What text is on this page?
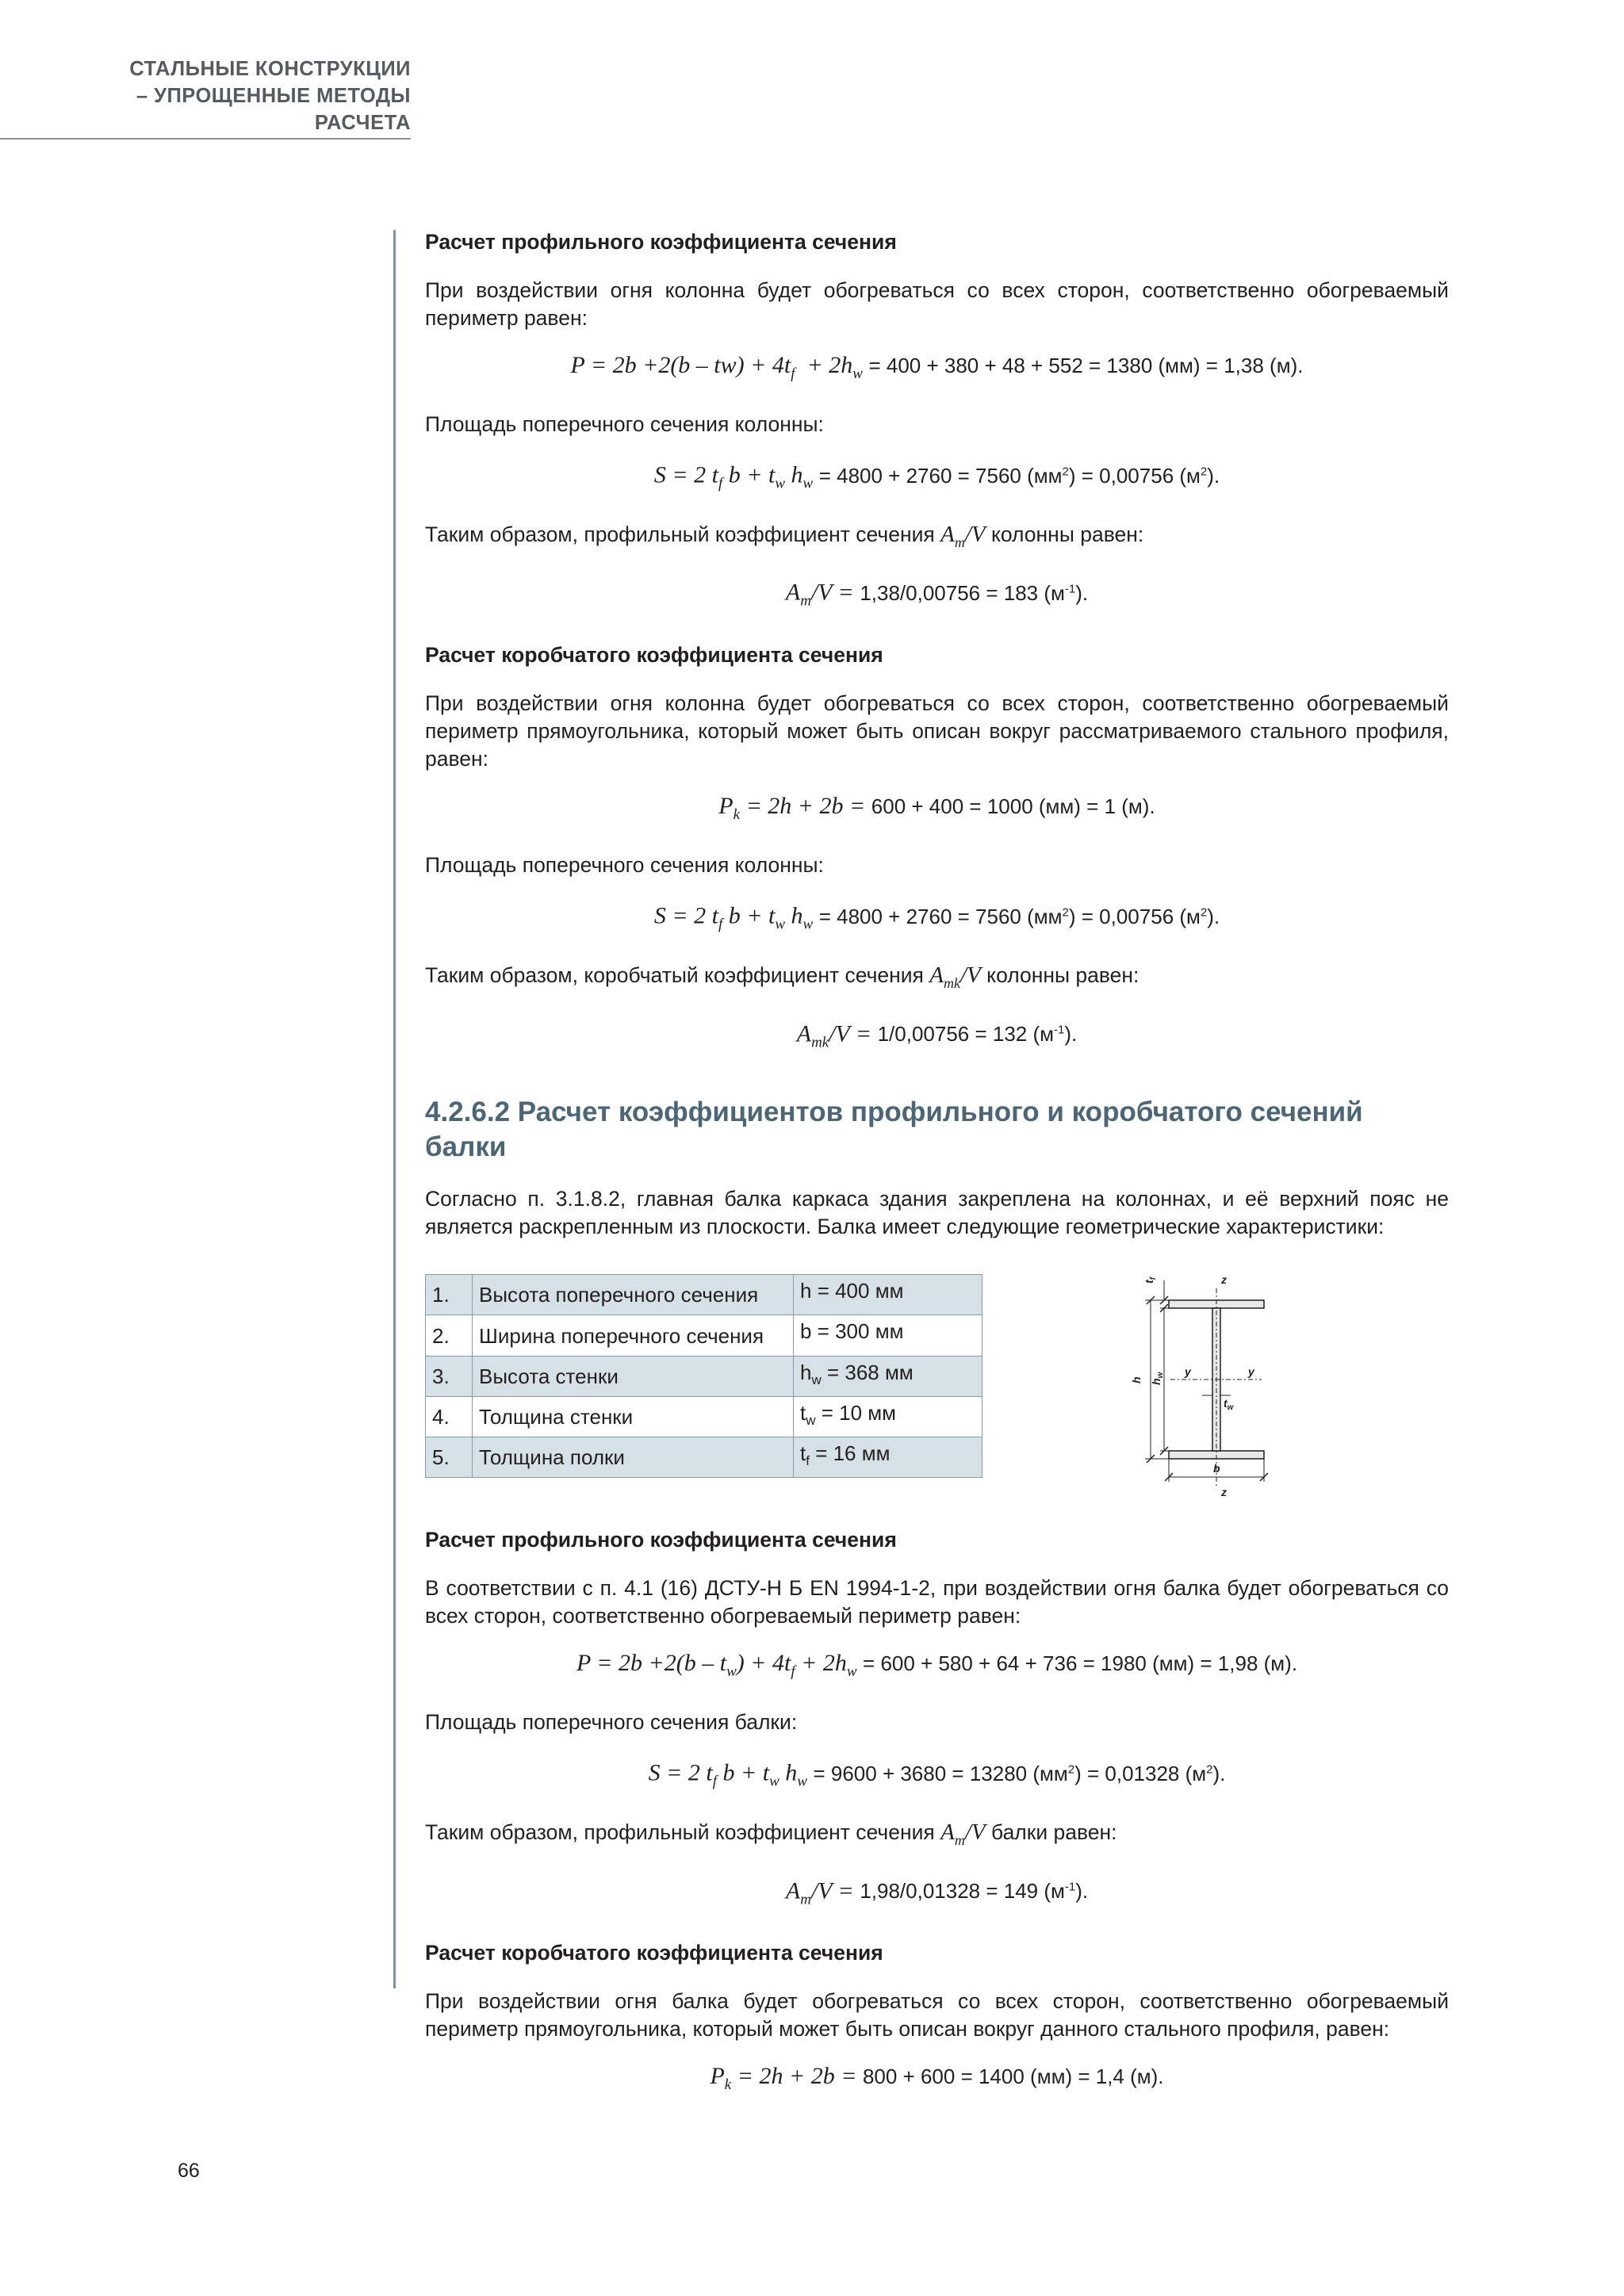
СТАЛЬНЫЕ КОНСТРУКЦИИ
– УПРОЩЕННЫЕ МЕТОДЫ
РАСЧЕТА

Расчет профильного коэффициента сечения

При воздействии огня колонна будет обогреваться со всех сторон, соответственно обогреваемый периметр равен:

$P = 2b +2(b - tw) + 4t_f + 2h_w = 400 + 380 + 48 + 552 = 1380$ (мм) = 1,38 (м).

Площадь поперечного сечения колонны:

S = 2 $t_f$ $b + t_w$ $h_w = 4800 + 2760 = 7560$ $(мм^2) = 0,00756$ $(м^2)$.

Таким образом, профильный коэффициент сечения $A_m/V$ колонны равен:

$A_m/V = 1,38/0,00756 = 183$ $(м^{-1})$.

Расчет коробчатого коэффициента сечения

При воздействии огня колонна будет обогреваться со всех сторон, соответственно обогреваемый периметр прямоугольника, который может быть описан вокруг рассматриваемого стального профиля, равен:

$P_k = 2h + 2b = 600 + 400 = 1000$ (мм) = 1 (м).

Площадь поперечного сечения колонны:

S = 2 $t_f$ $b + t_w$ $h_w = 4800 + 2760 = 7560$ $(мм^2) = 0,00756$ $(м^2)$.

Таким образом, коробчатый коэффициент сечения $A_{mk}/V$ колонны равен:

$A_{mk}/V = 1/0,00756 = 132$ $(м^{-1})$.
4.2.6.2 Расчет коэффициентов профильного и коробчатого сечений балки

Согласно п. 3.1.8.2, главная балка каркаса здания закреплена на колоннах, и её верхний пояс не является раскрепленным из плоскости. Балка имеет следующие геометрические характеристики:

1.	Высота поперечного сечения	h = 400 мм
2.	Ширина поперечного сечения	b = 300 мм
3.	Высота стенки	$h_w = 368$ мм
4.	Толщина стенки	$t_w = 10$ мм
5.	Толщина полки	$t_f = 16$ мм
z
z
y	y
h $h_w$
$t_f$
$t_w$
b

Расчет профильного коэффициента сечения

В соответствии с п. 4.1 (16) ДСТУ-Н Б EN 1994-1-2, при воздействии огня балка будет обогреваться со всех сторон, соответственно обогреваемый периметр равен:

$P = 2b +2(b - t_w) + 4t_f + 2h_w = 600 + 580 + 64 + 736 = 1980$ (мм) = 1,98 (м).

Площадь поперечного сечения балки:

S = 2 $t_f$ $b + t_w$ $h_w = 9600 + 3680 = 13280$ $(мм^2) = 0,01328$ $(м^2)$.

Таким образом, профильный коэффициент сечения $A_m/V$ балки равен:

$A_m/V = 1,98/0,01328 = 149$ $(м^{-1})$.

Расчет коробчатого коэффициента сечения

При воздействии огня балка будет обогреваться со всех сторон, соответственно обогреваемый периметр прямоугольника, который может быть описан вокруг данного стального профиля, равен:

$P_k = 2h + 2b = 800 + 600 = 1400$ (мм) = 1,4 (м).
66
